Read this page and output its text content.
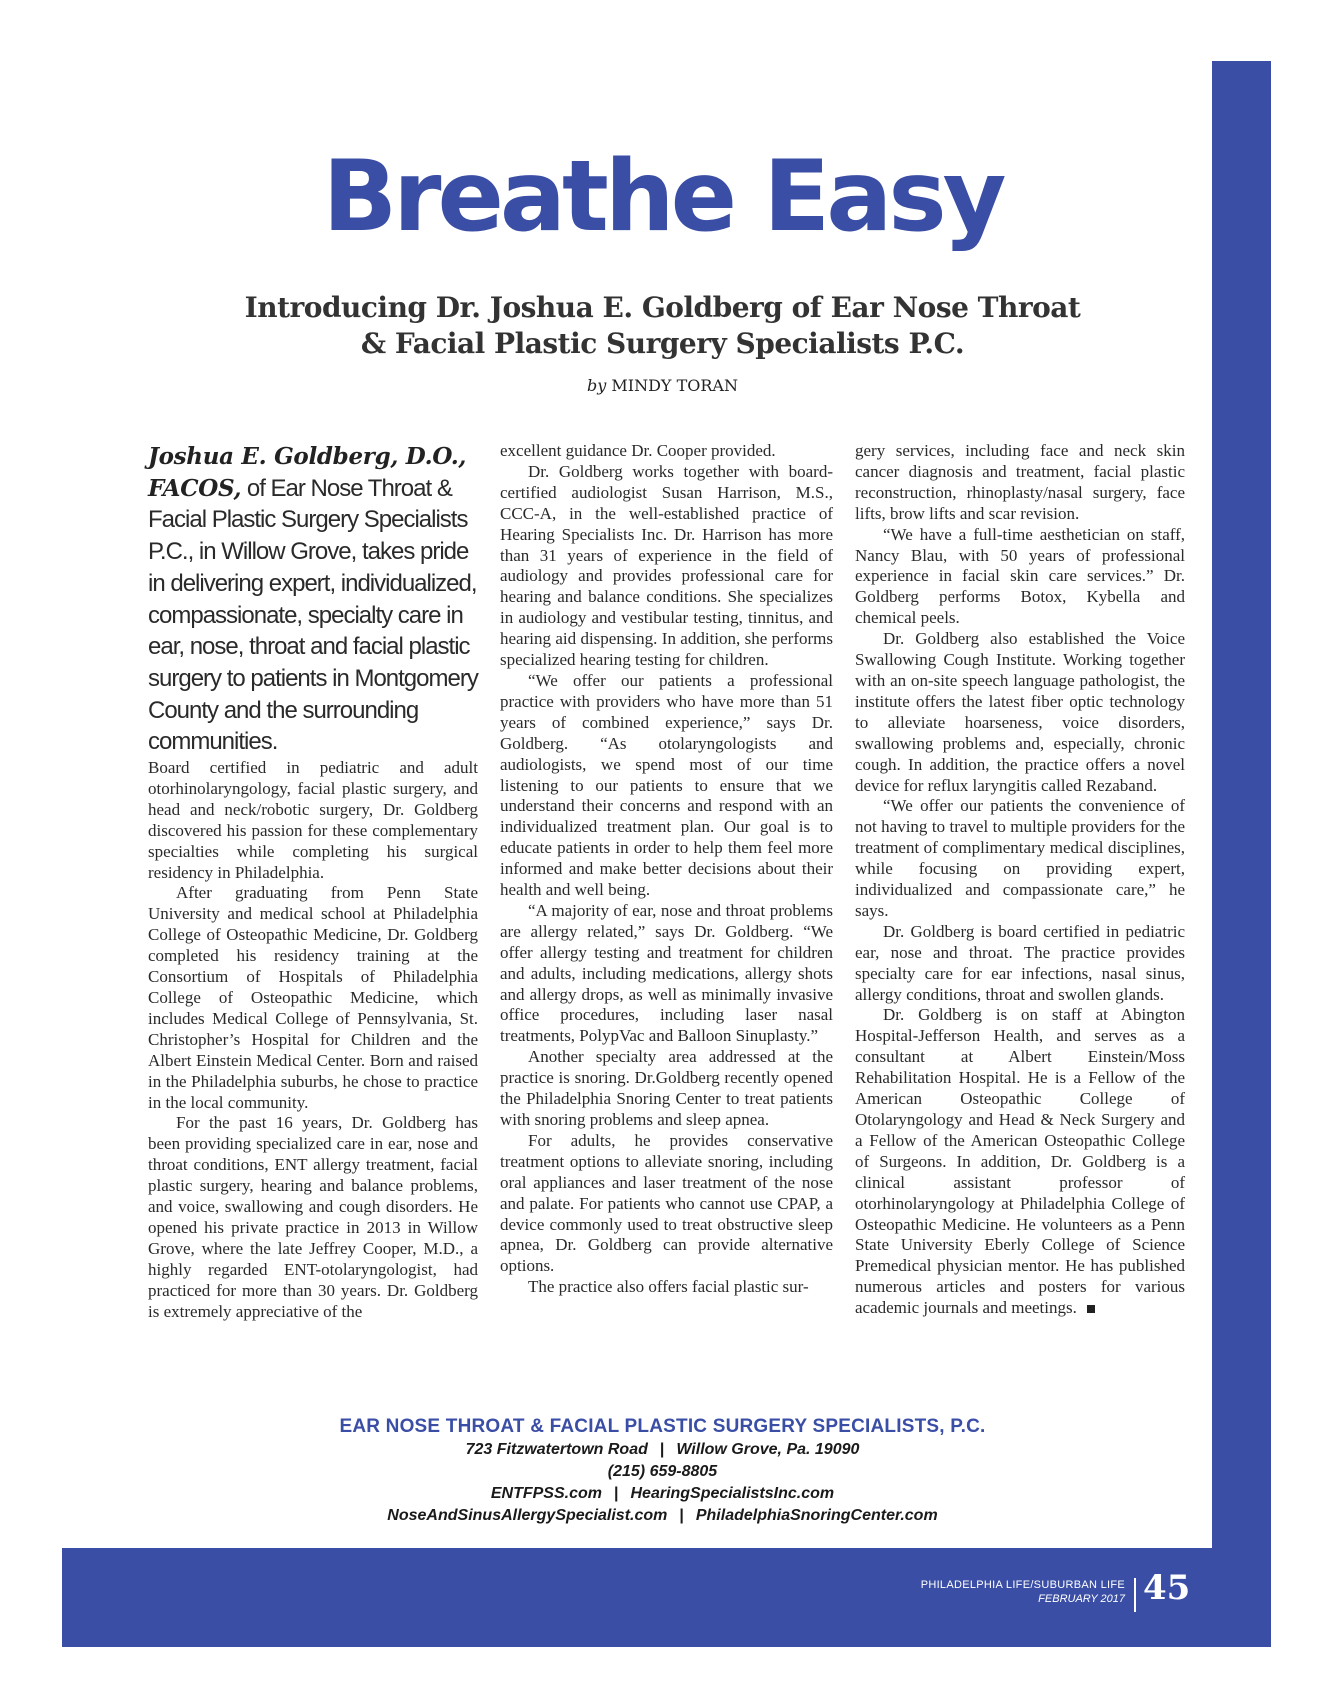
Breathe Easy
Introducing Dr. Joshua E. Goldberg of Ear Nose Throat
& Facial Plastic Surgery Specialists P.C.
by MINDY TORAN

Joshua E. Goldberg, D.O., FACOS, of Ear Nose Throat & Facial Plastic Surgery Specialists P.C., in Willow Grove, takes pride in delivering expert, individualized, compassionate, specialty care in ear, nose, throat and facial plastic surgery to patients in Montgomery County and the surrounding communities.

Board certified in pediatric and adult otorhinolaryngology, facial plastic surgery, and head and neck/robotic surgery, Dr. Goldberg discovered his passion for these complementary specialties while completing his surgical residency in Philadelphia.

After graduating from Penn State University and medical school at Philadelphia College of Osteopathic Medicine, Dr. Goldberg completed his residency training at the Consortium of Hospitals of Philadelphia College of Osteopathic Medicine, which includes Medical College of Pennsylvania, St. Christopher’s Hospital for Children and the Albert Einstein Medical Center. Born and raised in the Philadelphia suburbs, he chose to practice in the local community.

For the past 16 years, Dr. Goldberg has been providing specialized care in ear, nose and throat conditions, ENT allergy treatment, facial plastic surgery, hearing and balance problems, and voice, swallowing and cough disorders. He opened his private practice in 2013 in Willow Grove, where the late Jeffrey Cooper, M.D., a highly regarded ENT-otolaryngologist, had practiced for more than 30 years. Dr. Goldberg is extremely appreciative of the

excellent guidance Dr. Cooper provided.

Dr. Goldberg works together with board-certified audiologist Susan Harrison, M.S., CCC-A, in the well-established practice of Hearing Specialists Inc. Dr. Harrison has more than 31 years of experience in the field of audiology and provides professional care for hearing and balance conditions. She specializes in audiology and vestibular testing, tinnitus, and hearing aid dispensing. In addition, she performs specialized hearing testing for children.

“We offer our patients a professional practice with providers who have more than 51 years of combined experience,” says Dr. Goldberg. “As otolaryngologists and audiologists, we spend most of our time listening to our patients to ensure that we understand their concerns and respond with an individualized treatment plan. Our goal is to educate patients in order to help them feel more informed and make better decisions about their health and well being.

“A majority of ear, nose and throat problems are allergy related,” says Dr. Goldberg. “We offer allergy testing and treatment for children and adults, including medications, allergy shots and allergy drops, as well as minimally invasive office procedures, including laser nasal treatments, PolypVac and Balloon Sinuplasty.”

Another specialty area addressed at the practice is snoring. Dr.Goldberg recently opened the Philadelphia Snoring Center to treat patients with snoring problems and sleep apnea.

For adults, he provides conservative treatment options to alleviate snoring, including oral appliances and laser treatment of the nose and palate. For patients who cannot use CPAP, a device commonly used to treat obstructive sleep apnea, Dr. Goldberg can provide alternative options.

The practice also offers facial plastic sur-

gery services, including face and neck skin cancer diagnosis and treatment, facial plastic reconstruction, rhinoplasty/nasal surgery, face lifts, brow lifts and scar revision.

“We have a full-time aesthetician on staff, Nancy Blau, with 50 years of professional experience in facial skin care services.” Dr. Goldberg performs Botox, Kybella and chemical peels.

Dr. Goldberg also established the Voice Swallowing Cough Institute. Working together with an on-site speech language pathologist, the institute offers the latest fiber optic technology to alleviate hoarseness, voice disorders, swallowing problems and, especially, chronic cough. In addition, the practice offers a novel device for reflux laryngitis called Rezaband.

“We offer our patients the convenience of not having to travel to multiple providers for the treatment of complimentary medical disciplines, while focusing on providing expert, individualized and compassionate care,” he says.

Dr. Goldberg is board certified in pediatric ear, nose and throat. The practice provides specialty care for ear infections, nasal sinus, allergy conditions, throat and swollen glands.

Dr. Goldberg is on staff at Abington Hospital-Jefferson Health, and serves as a consultant at Albert Einstein/Moss Rehabilitation Hospital. He is a Fellow of the American Osteopathic College of Otolaryngology and Head & Neck Surgery and a Fellow of the American Osteopathic College of Surgeons. In addition, Dr. Goldberg is a clinical assistant professor of otorhinolaryngology at Philadelphia College of Osteopathic Medicine. He volunteers as a Penn State University Eberly College of Science Premedical physician mentor. He has published numerous articles and posters for various academic journals and meetings.

EAR NOSE THROAT & FACIAL PLASTIC SURGERY SPECIALISTS, P.C.
723 Fitzwatertown Road | Willow Grove, Pa. 19090
(215) 659-8805
ENTFPSS.com | HearingSpecialistsInc.com
NoseAndSinusAllergySpecialist.com | PhiladelphiaSnoringCenter.com
PHILADELPHIA LIFE/SUBURBAN LIFE
FEBRUARY 2017 45
